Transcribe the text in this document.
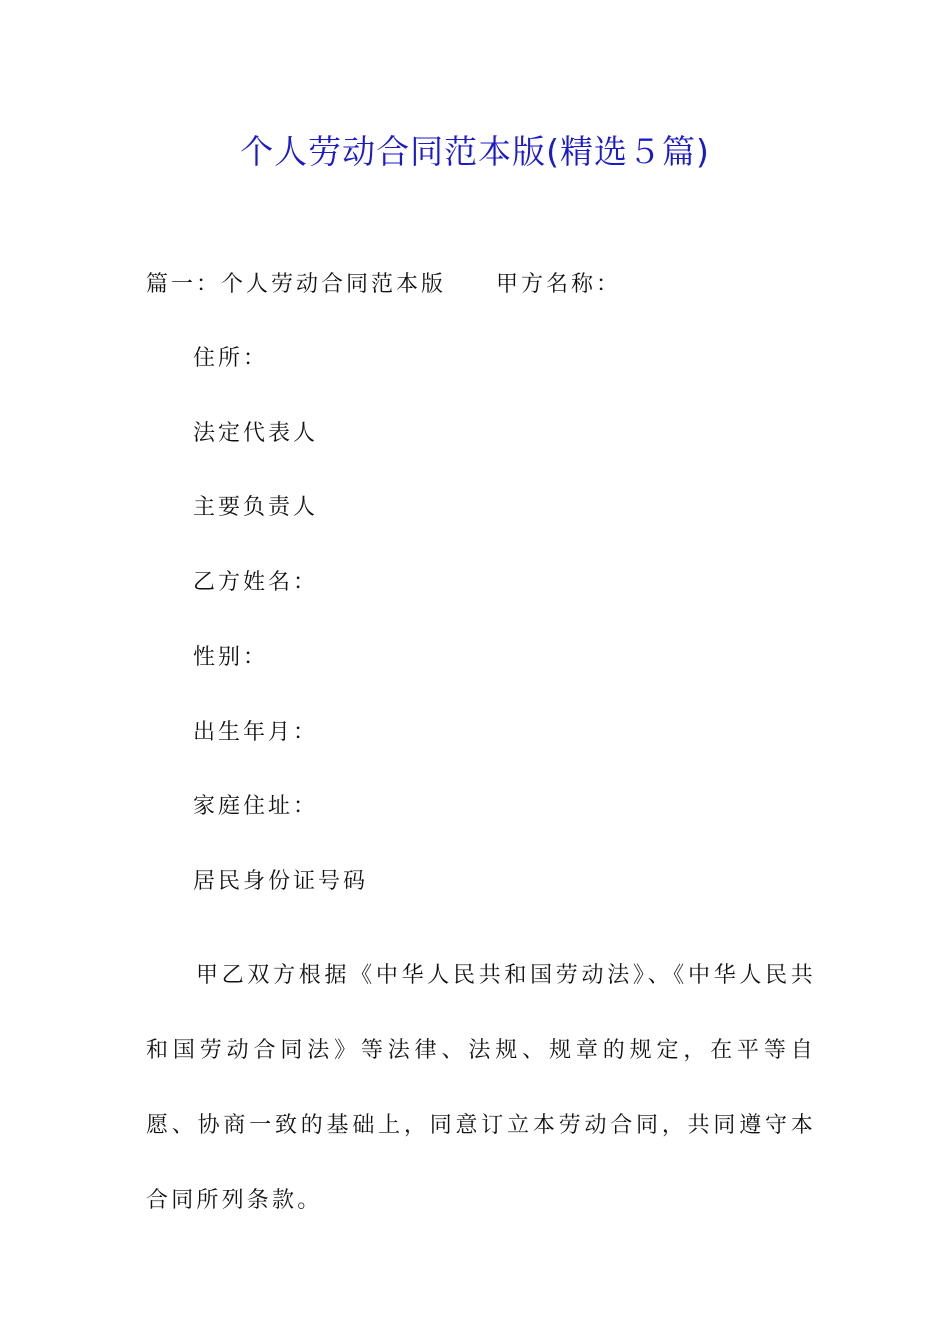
个人劳动合同范本版(精选５篇)

篇一：个人劳动合同范本版 甲方名称：

住所：

法定代表人

主要负责人

乙方姓名：

性别：

出生年月：

家庭住址：

居民身份证号码

甲乙双方根据《中华人民共和国劳动法》、《中华人民共和国劳动合同法》等法律、法规、规章的规定，在平等自愿、协商一致的基础上，同意订立本劳动合同，共同遵守本合同所列条款。
